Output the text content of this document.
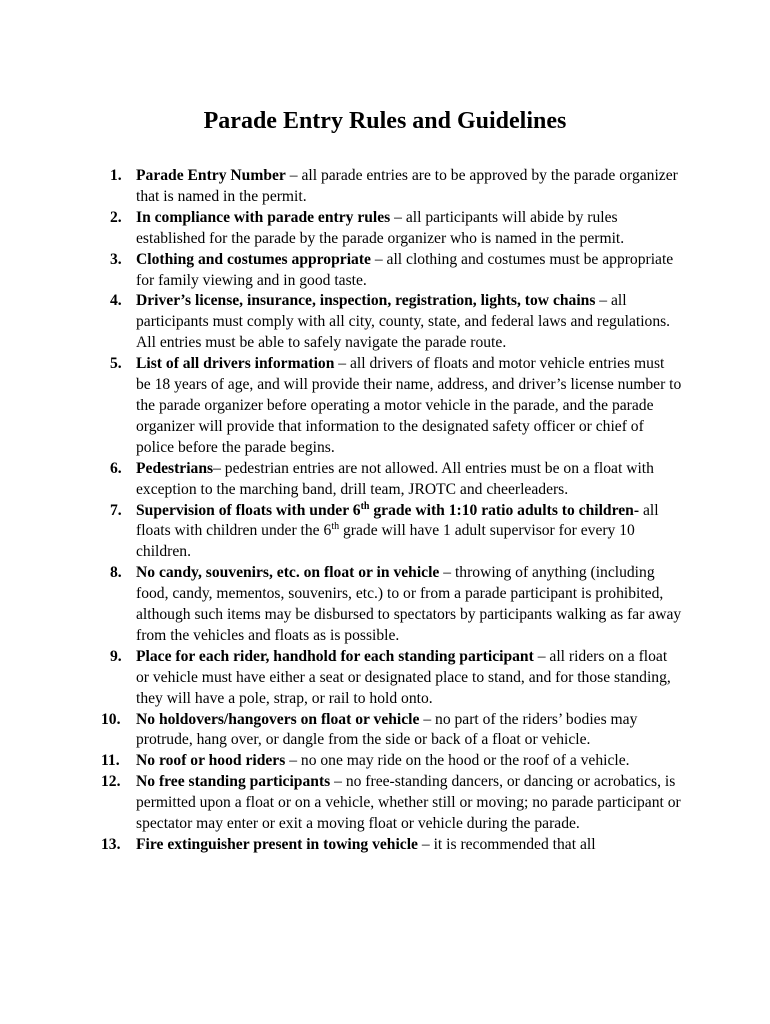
Parade Entry Rules and Guidelines
1. Parade Entry Number – all parade entries are to be approved by the parade organizer that is named in the permit.
2. In compliance with parade entry rules – all participants will abide by rules established for the parade by the parade organizer who is named in the permit.
3. Clothing and costumes appropriate – all clothing and costumes must be appropriate for family viewing and in good taste.
4. Driver’s license, insurance, inspection, registration, lights, tow chains – all participants must comply with all city, county, state, and federal laws and regulations. All entries must be able to safely navigate the parade route.
5. List of all drivers information – all drivers of floats and motor vehicle entries must be 18 years of age, and will provide their name, address, and driver’s license number to the parade organizer before operating a motor vehicle in the parade, and the parade organizer will provide that information to the designated safety officer or chief of police before the parade begins.
6. Pedestrians– pedestrian entries are not allowed. All entries must be on a float with exception to the marching band, drill team, JROTC and cheerleaders.
7. Supervision of floats with under 6th grade with 1:10 ratio adults to children- all floats with children under the 6th grade will have 1 adult supervisor for every 10 children.
8. No candy, souvenirs, etc. on float or in vehicle – throwing of anything (including food, candy, mementos, souvenirs, etc.) to or from a parade participant is prohibited, although such items may be disbursed to spectators by participants walking as far away from the vehicles and floats as is possible.
9. Place for each rider, handhold for each standing participant – all riders on a float or vehicle must have either a seat or designated place to stand, and for those standing, they will have a pole, strap, or rail to hold onto.
10. No holdovers/hangovers on float or vehicle – no part of the riders’ bodies may protrude, hang over, or dangle from the side or back of a float or vehicle.
11. No roof or hood riders – no one may ride on the hood or the roof of a vehicle.
12. No free standing participants – no free-standing dancers, or dancing or acrobatics, is permitted upon a float or on a vehicle, whether still or moving; no parade participant or spectator may enter or exit a moving float or vehicle during the parade.
13. Fire extinguisher present in towing vehicle – it is recommended that all
